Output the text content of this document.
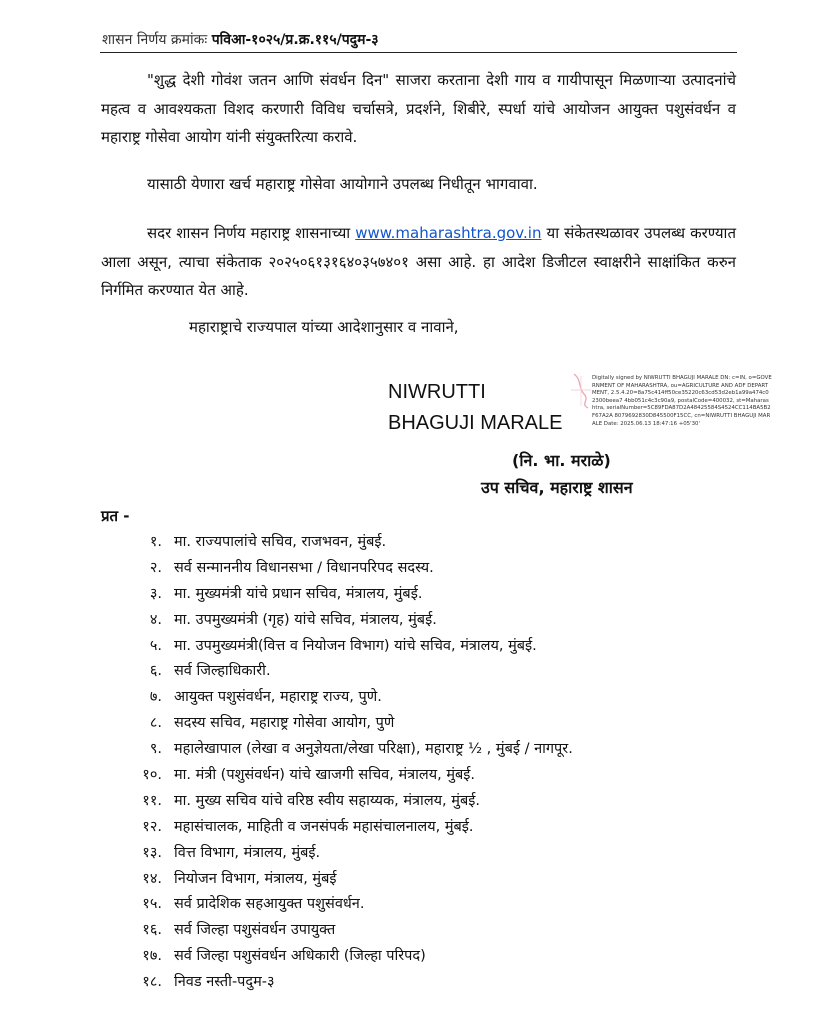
शासन निर्णय क्रमांकः पविआ-१०२५/प्र.क्र.११५/पदुम-३
"शुद्ध देशी गोवंश जतन आणि संवर्धन दिन" साजरा करताना देशी गाय व गायीपासून मिळणाऱ्या उत्पादनांचे महत्व व आवश्यकता विशद करणारी विविध चर्चासत्रे, प्रदर्शने, शिबीरे, स्पर्धा यांचे आयोजन आयुक्त पशुसंवर्धन व महाराष्ट्र गोसेवा आयोग यांनी संयुक्तरित्या करावे.
यासाठी येणारा खर्च महाराष्ट्र गोसेवा आयोगाने उपलब्ध निधीतून भागवावा.
सदर शासन निर्णय महाराष्ट्र शासनाच्या www.maharashtra.gov.in या संकेतस्थळावर उपलब्ध करण्यात आला असून, त्याचा संकेताक २०२५०६१३१६४०३५७४०१ असा आहे. हा आदेश डिजीटल स्वाक्षरीने साक्षांकित करुन निर्गमित करण्यात येत आहे.
महाराष्ट्राचे राज्यपाल यांच्या आदेशानुसार व नावाने,
NIWRUTTI
BHAGUJI MARALE
Digitally signed by NIWRUTTI BHAGUJI MARALE DN: c=IN, o=GOVERNMENT OF MAHARASHTRA, ou=AGRICULTURE AND ADF DEPARTMENT, 2.5.4.20=8a75c414ff50ce35220c63cd53d2eb1a99a474c02300beea7 4bb051c4c3c90a9, postalCode=400032, st=Maharashtra, serialNumber=5C89FDA87D2A48425584S4524CC114BA5B2F67A2A 8079692830D845500F15CC, cn=NIWRUTTI BHAGUJI MARALE Date: 2025.06.13 18:47:16 +05'30'
(नि. भा. मराळे)
उप सचिव, महाराष्ट्र शासन
प्रत -
१. मा. राज्यपालांचे सचिव, राजभवन, मुंबई.
२. सर्व सन्माननीय विधानसभा / विधानपरिपद सदस्य.
३. मा. मुख्यमंत्री यांचे प्रधान सचिव, मंत्रालय, मुंबई.
४. मा. उपमुख्यमंत्री (गृह) यांचे सचिव, मंत्रालय, मुंबई.
५. मा. उपमुख्यमंत्री(वित्त व नियोजन विभाग) यांचे सचिव, मंत्रालय, मुंबई.
६. सर्व जिल्हाधिकारी.
७. आयुक्त पशुसंवर्धन, महाराष्ट्र राज्य, पुणे.
८. सदस्य सचिव, महाराष्ट्र गोसेवा आयोग, पुणे
९. महालेखापाल (लेखा व अनुज्ञेयता/लेखा परिक्षा), महाराष्ट्र ½ , मुंबई / नागपूर.
१०. मा. मंत्री (पशुसंवर्धन) यांचे खाजगी सचिव, मंत्रालय, मुंबई.
११. मा. मुख्य सचिव यांचे वरिष्ठ स्वीय सहाय्यक, मंत्रालय, मुंबई.
१२. महासंचालक, माहिती व जनसंपर्क महासंचालनालय, मुंबई.
१३. वित्त विभाग, मंत्रालय, मुंबई.
१४. नियोजन विभाग, मंत्रालय, मुंबई
१५. सर्व प्रादेशिक सहआयुक्त पशुसंवर्धन.
१६. सर्व जिल्हा पशुसंवर्धन उपायुक्त
१७. सर्व जिल्हा पशुसंवर्धन अधिकारी (जिल्हा परिपद)
१८. निवड नस्ती-पदुम-३
